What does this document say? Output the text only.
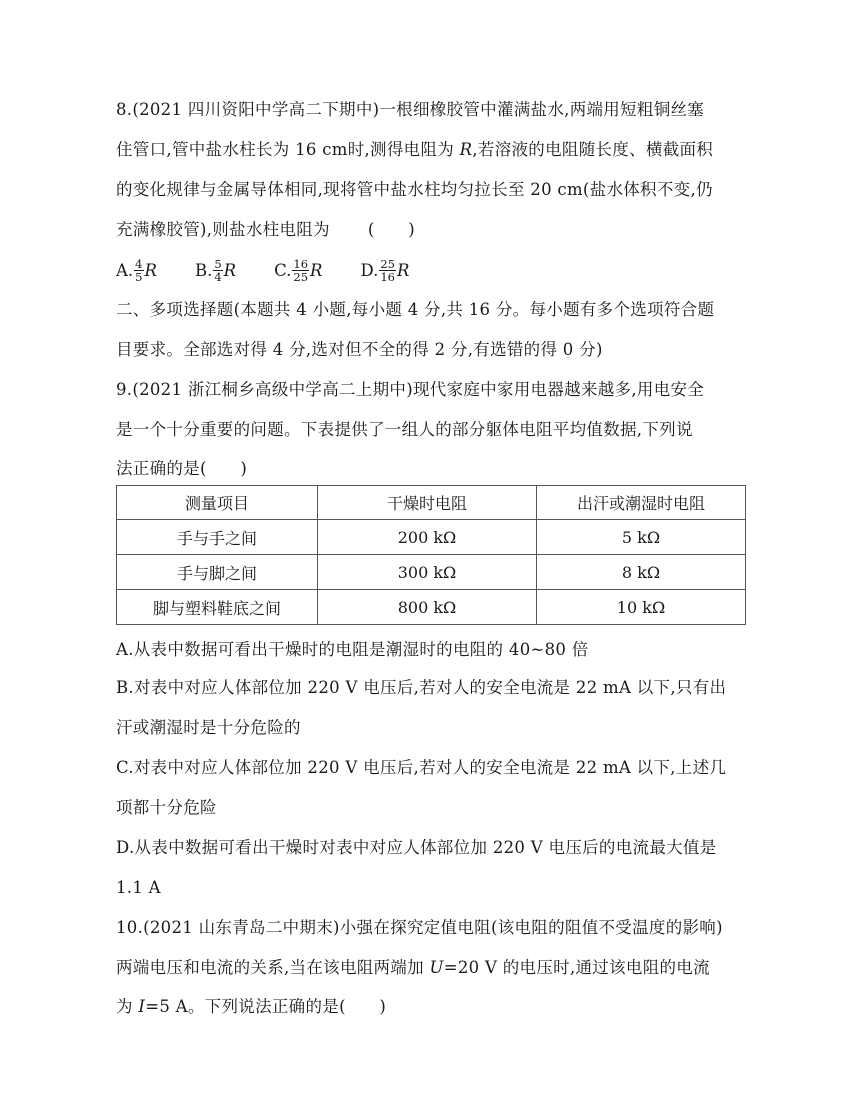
8.(2021 四川资阳中学高二下期中)一根细橡胶管中灌满盐水,两端用短粗铜丝塞
住管口,管中盐水柱长为 16 cm时,测得电阻为 R,若溶液的电阻随长度、横截面积
的变化规律与金属导体相同,现将管中盐水柱均匀拉长至 20 cm(盐水体积不变,仍
充满橡胶管),则盐水柱电阻为 (　　)
A. $\frac{4}{5}$ R B. $\frac{5}{4}$ R C. $\frac{16}{25}$ R D. $\frac{25}{16}$ R
二、多项选择题(本题共 4 小题,每小题 4 分,共 16 分。每小题有多个选项符合题
目要求。全部选对得 4 分,选对但不全的得 2 分,有选错的得 0 分)
9.(2021 浙江桐乡高级中学高二上期中)现代家庭中家用电器越来越多,用电安全
是一个十分重要的问题。下表提供了一组人的部分躯体电阻平均值数据,下列说
法正确的是(　　)
测量项目	干燥时电阻	出汗或潮湿时电阻
手与手之间	200 kΩ	5 kΩ
手与脚之间	300 kΩ	8 kΩ
脚与塑料鞋底之间	800 kΩ	10 kΩ
A.从表中数据可看出干燥时的电阻是潮湿时的电阻的 40~80 倍
B.对表中对应人体部位加 220 V 电压后,若对人的安全电流是 22 mA 以下,只有出
汗或潮湿时是十分危险的
C.对表中对应人体部位加 220 V 电压后,若对人的安全电流是 22 mA 以下,上述几
项都十分危险
D.从表中数据可看出干燥时对表中对应人体部位加 220 V 电压后的电流最大值是
1.1 A
10.(2021 山东青岛二中期末)小强在探究定值电阻(该电阻的阻值不受温度的影响)
两端电压和电流的关系,当在该电阻两端加 U=20 V 的电压时,通过该电阻的电流
为 I=5 A。下列说法正确的是(　　)
